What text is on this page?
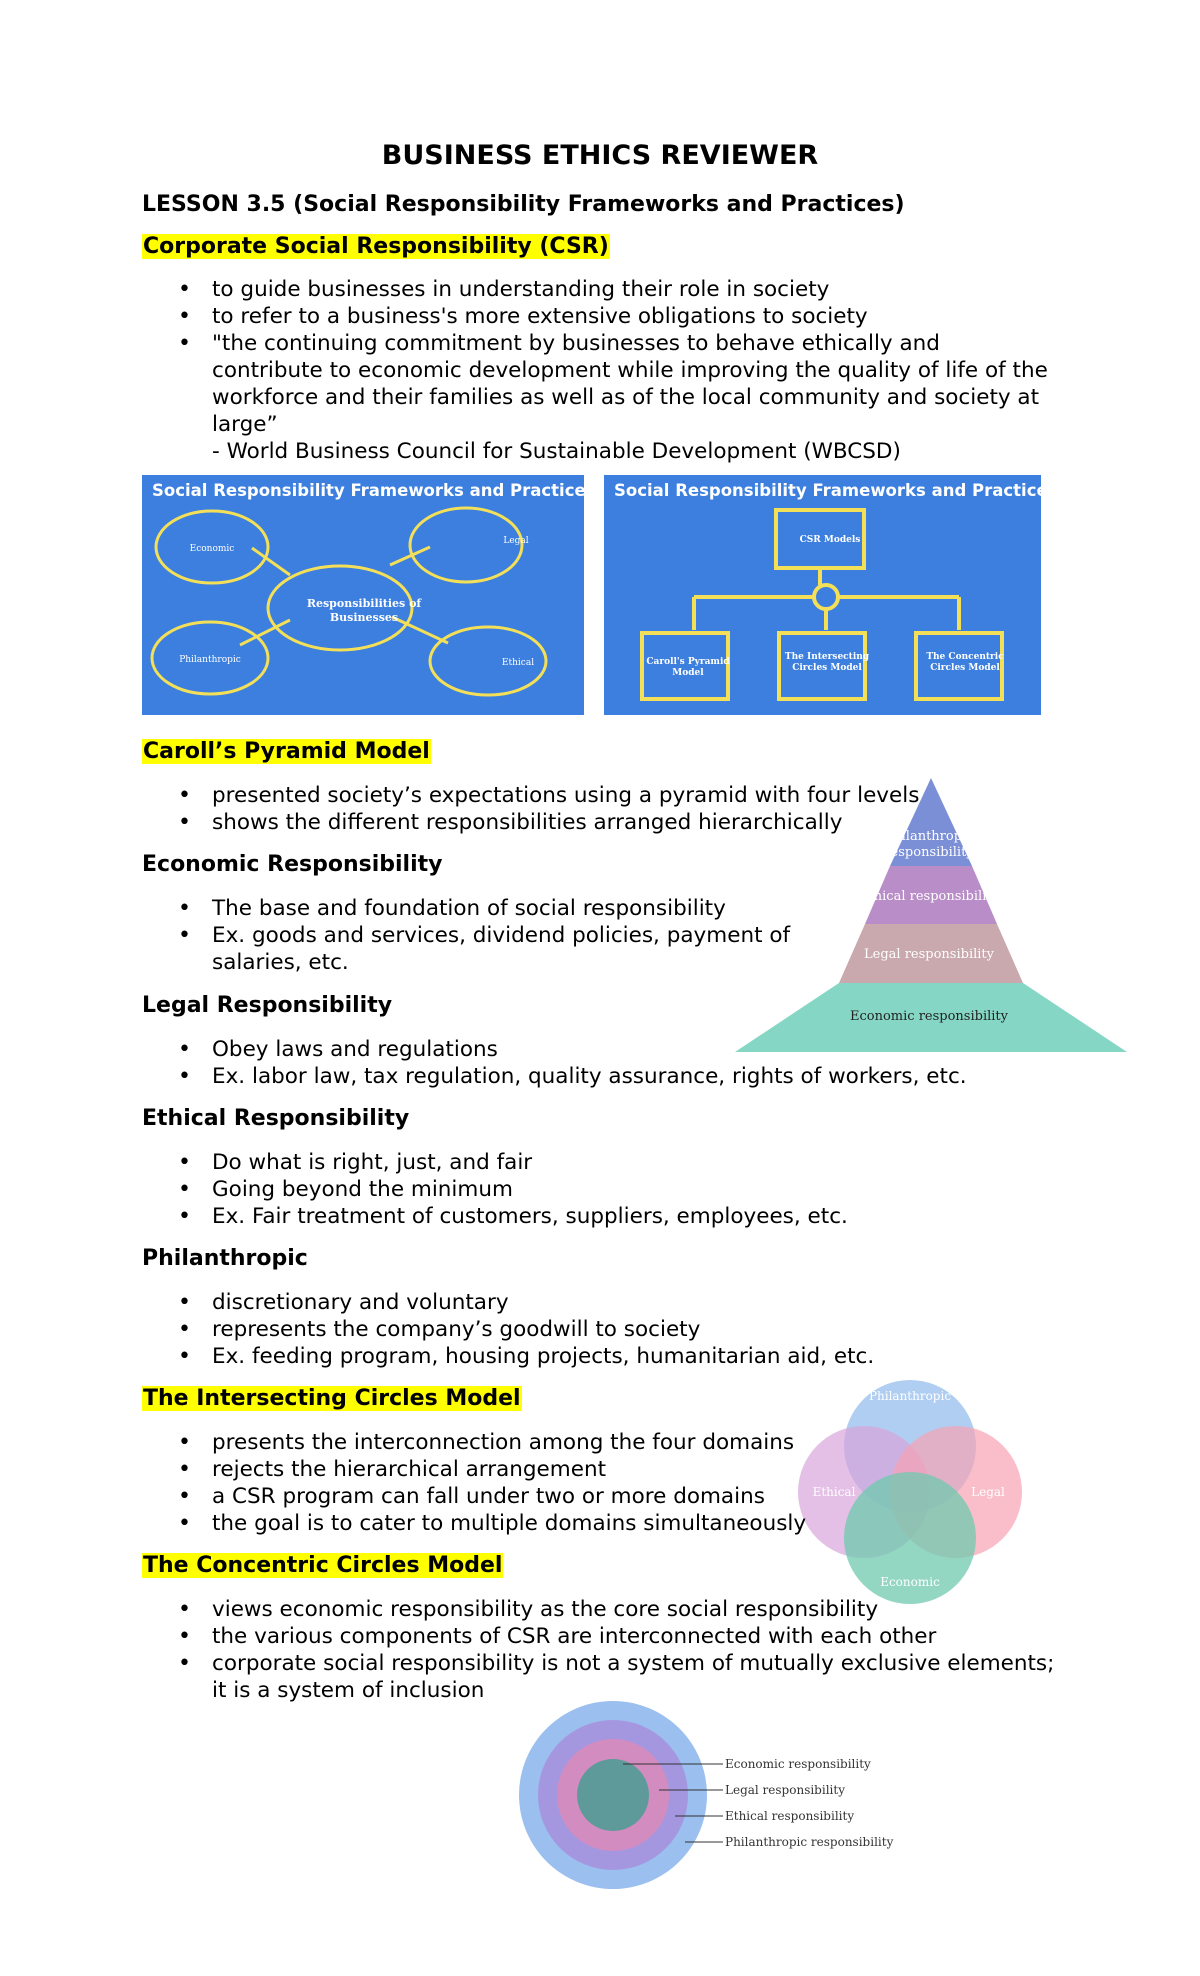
BUSINESS ETHICS REVIEWER
LESSON 3.5 (Social Responsibility Frameworks and Practices)
Corporate Social Responsibility (CSR)
• to guide businesses in understanding their role in society
• to refer to a business's more extensive obligations to society
• "the continuing commitment by businesses to behave ethically and
contribute to economic development while improving the quality of life of the
workforce and their families as well as of the local community and society at
large”
- World Business Council for Sustainable Development (WBCSD)
Social Responsibility Frameworks and Practices
Economic
Legal
Philanthropic	Ethical
Responsibilities of
Businesses
Social Responsibility Frameworks and Practices
CSR Models
Caroll's Pyramid
Model
The Intersecting
Circles Model
The Concentric
Circles Model
Philanthropic
responsibility
Ethical responsibility
Legal responsibility
Economic responsibility
Caroll’s Pyramid Model
• presented society’s expectations using a pyramid with four levels
• shows the different responsibilities arranged hierarchically
Economic Responsibility
• The base and foundation of social responsibility
• Ex. goods and services, dividend policies, payment of
salaries, etc.
Legal Responsibility
• Obey laws and regulations
• Ex. labor law, tax regulation, quality assurance, rights of workers, etc.
Ethical Responsibility
• Do what is right, just, and fair
• Going beyond the minimum
• Ex. Fair treatment of customers, suppliers, employees, etc.
Philanthropic
• discretionary and voluntary
• represents the company’s goodwill to society
• Ex. feeding program, housing projects, humanitarian aid, etc.
Philanthropic
Ethical	Legal
Economic
The Intersecting Circles Model
• presents the interconnection among the four domains
• rejects the hierarchical arrangement
• a CSR program can fall under two or more domains
• the goal is to cater to multiple domains simultaneously
The Concentric Circles Model
• views economic responsibility as the core social responsibility
• the various components of CSR are interconnected with each other
• corporate social responsibility is not a system of mutually exclusive elements;
it is a system of inclusion
Economic responsibility
Legal responsibility
Ethical responsibility
Philanthropic responsibility
